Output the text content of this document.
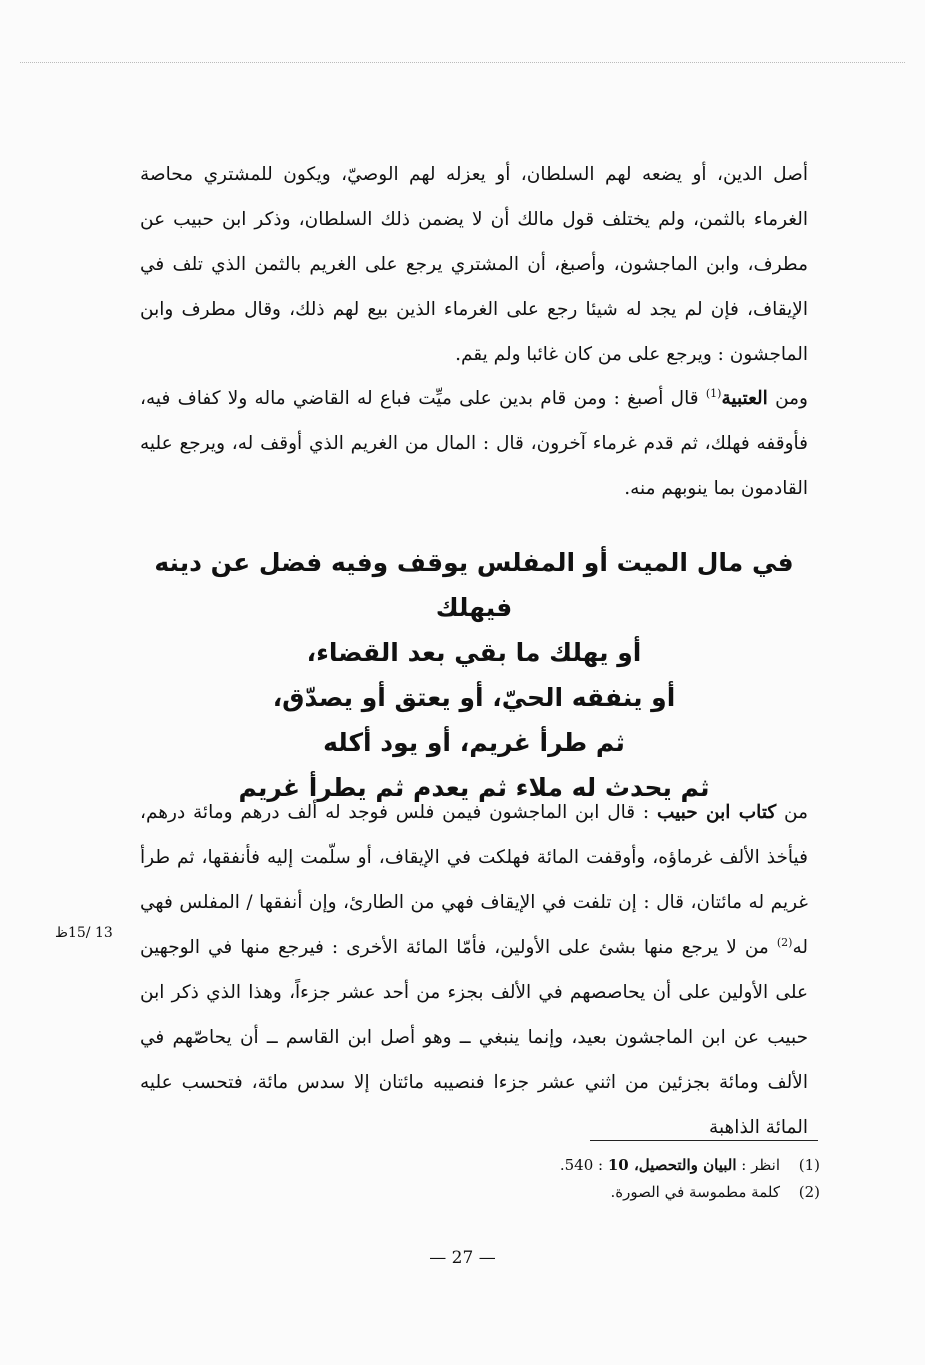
أصل الدين، أو يضعه لهم السلطان، أو يعزله لهم الوصيّ، ويكون للمشتري محاصة الغرماء بالثمن، ولم يختلف قول مالك أن لا يضمن ذلك السلطان، وذكر ابن حبيب عن مطرف، وابن الماجشون، وأصبغ، أن المشتري يرجع على الغريم بالثمن الذي تلف في الإيقاف، فإن لم يجد له شيئا رجع على الغرماء الذين بيع لهم ذلك، وقال مطرف وابن الماجشون : ويرجع على من كان غائبا ولم يقم.

ومن العتبية$^{(1)}$ قال أصبغ : ومن قام بدين على ميِّت فباع له القاضي ماله ولا كفاف فيه، فأوقفه فهلك، ثم قدم غرماء آخرون، قال : المال من الغريم الذي أوقف له، ويرجع عليه القادمون بما ينوبهم منه.

في مال الميت أو المفلس يوقف وفيه فضل عن دينه فيهلك
أو يهلك ما بقي بعد القضاء،
أو ينفقه الحيّ، أو يعتق أو يصدّق،
ثم طرأ غريم، أو يود أكله
ثم يحدث له ملاء ثم يعدم ثم يطرأ غريم

من كتاب ابن حبيب : قال ابن الماجشون فيمن فلس فوجد له ألف درهم ومائة درهم، فيأخذ الألف غرماؤه، وأوقفت المائة فهلكت في الإيقاف، أو سلّمت إليه فأنفقها، ثم طرأ غريم له مائتان، قال : إن تلفت في الإيقاف فهي من الطارئ، وإن أنفقها / المفلس فهي له$^{(2)}$ من لا يرجع منها بشئ على الأولين، فأمّا المائة الأخرى : فيرجع منها في الوجهين على الأولين على أن يحاصصهم في الألف بجزء من أحد عشر جزءاً، وهذا الذي ذكر ابن حبيب عن ابن الماجشون بعيد، وإنما ينبغي ــ وهو أصل ابن القاسم ــ أن يحاصّهم في الألف ومائة بجزئين من اثني عشر جزءا فنصيبه مائتان إلا سدس مائة، فتحسب عليه المائة الذاهبة

13 /15ظ
(1)
انظر : البيان والتحصيل، 10 : 540.
(2)
كلمة مطموسة في الصورة.
— 27 —
